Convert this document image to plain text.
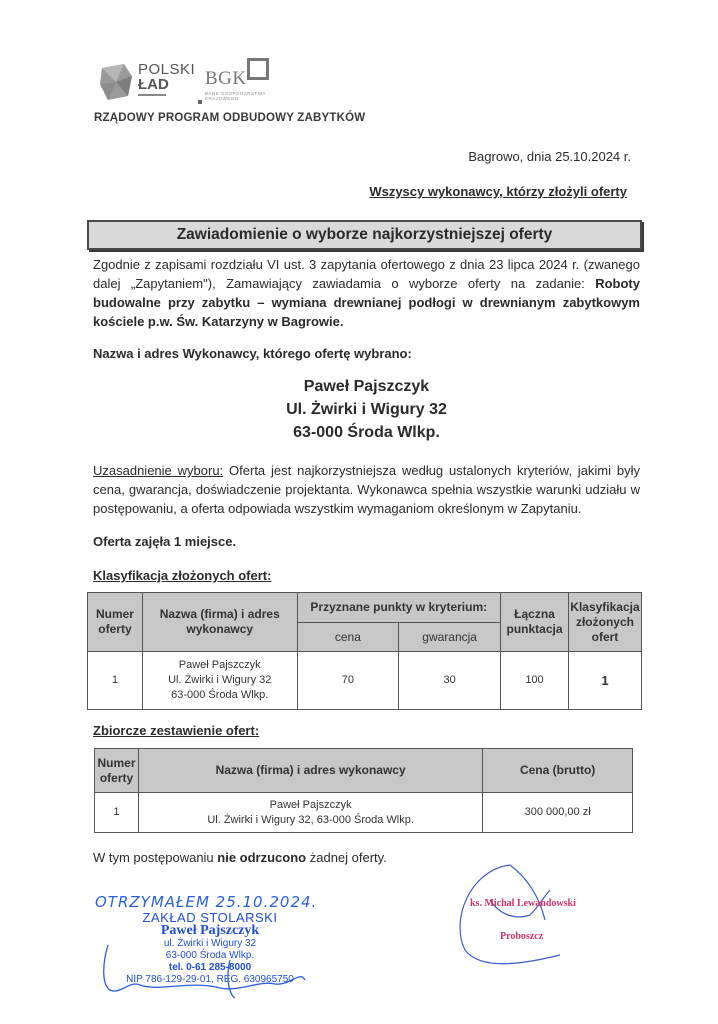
POLSKI
ŁAD	BGK
BANK GOSPODARSTWA
KRAJOWEGO
RZĄDOWY PROGRAM ODBUDOWY ZABYTKÓW
Bagrowo, dnia 25.10.2024 r.
Wszyscy wykonawcy, którzy złożyli oferty
Zawiadomienie o wyborze najkorzystniejszej oferty
Zgodnie z zapisami rozdziału VI ust. 3 zapytania ofertowego z dnia 23 lipca 2024 r. (zwanego dalej „Zapytaniem"), Zamawiający zawiadamia o wyborze oferty na zadanie: Roboty budowalne przy zabytku – wymiana drewnianej podłogi w drewnianym zabytkowym kościele p.w. Św. Katarzyny w Bagrowie.
Nazwa i adres Wykonawcy, którego ofertę wybrano:
Paweł Pajszczyk
Ul. Żwirki i Wigury 32
63-000 Środa Wlkp.
Uzasadnienie wyboru: Oferta jest najkorzystniejsza według ustalonych kryteriów, jakimi były cena, gwarancja, doświadczenie projektanta. Wykonawca spełnia wszystkie warunki udziału w postępowaniu, a oferta odpowiada wszystkim wymaganiom określonym w Zapytaniu.
Oferta zajęła 1 miejsce.
Klasyfikacja złożonych ofert:
Numer oferty	Nazwa (firma) i adres wykonawcy	Przyznane punkty w kryterium:		Łączna punktacja	Klasyfikacja złożonych ofert
		cena	gwarancja		
1	Paweł Pajszczyk
Ul. Żwirki i Wigury 32
63-000 Środa Wlkp.	70	30	100	1
Zbiorcze zestawienie ofert:
Numer oferty	Nazwa (firma) i adres wykonawcy	Cena (brutto)
1	Paweł Pajszczyk
Ul. Żwirki i Wigury 32, 63-000 Środa Wlkp.	300 000,00 zł
W tym postępowaniu nie odrzucono żadnej oferty.
OTRZYMAŁEM 25.10.2024.
ZAKŁAD STOLARSKI
Paweł Pajszczyk
ul. Żwirki i Wigury 32
63-000 Środa Wlkp.
tel. 0-61 285-8000
NIP 786-129-29-01, REG. 630965750
ks. Michał Lewandowski
Proboszcz
